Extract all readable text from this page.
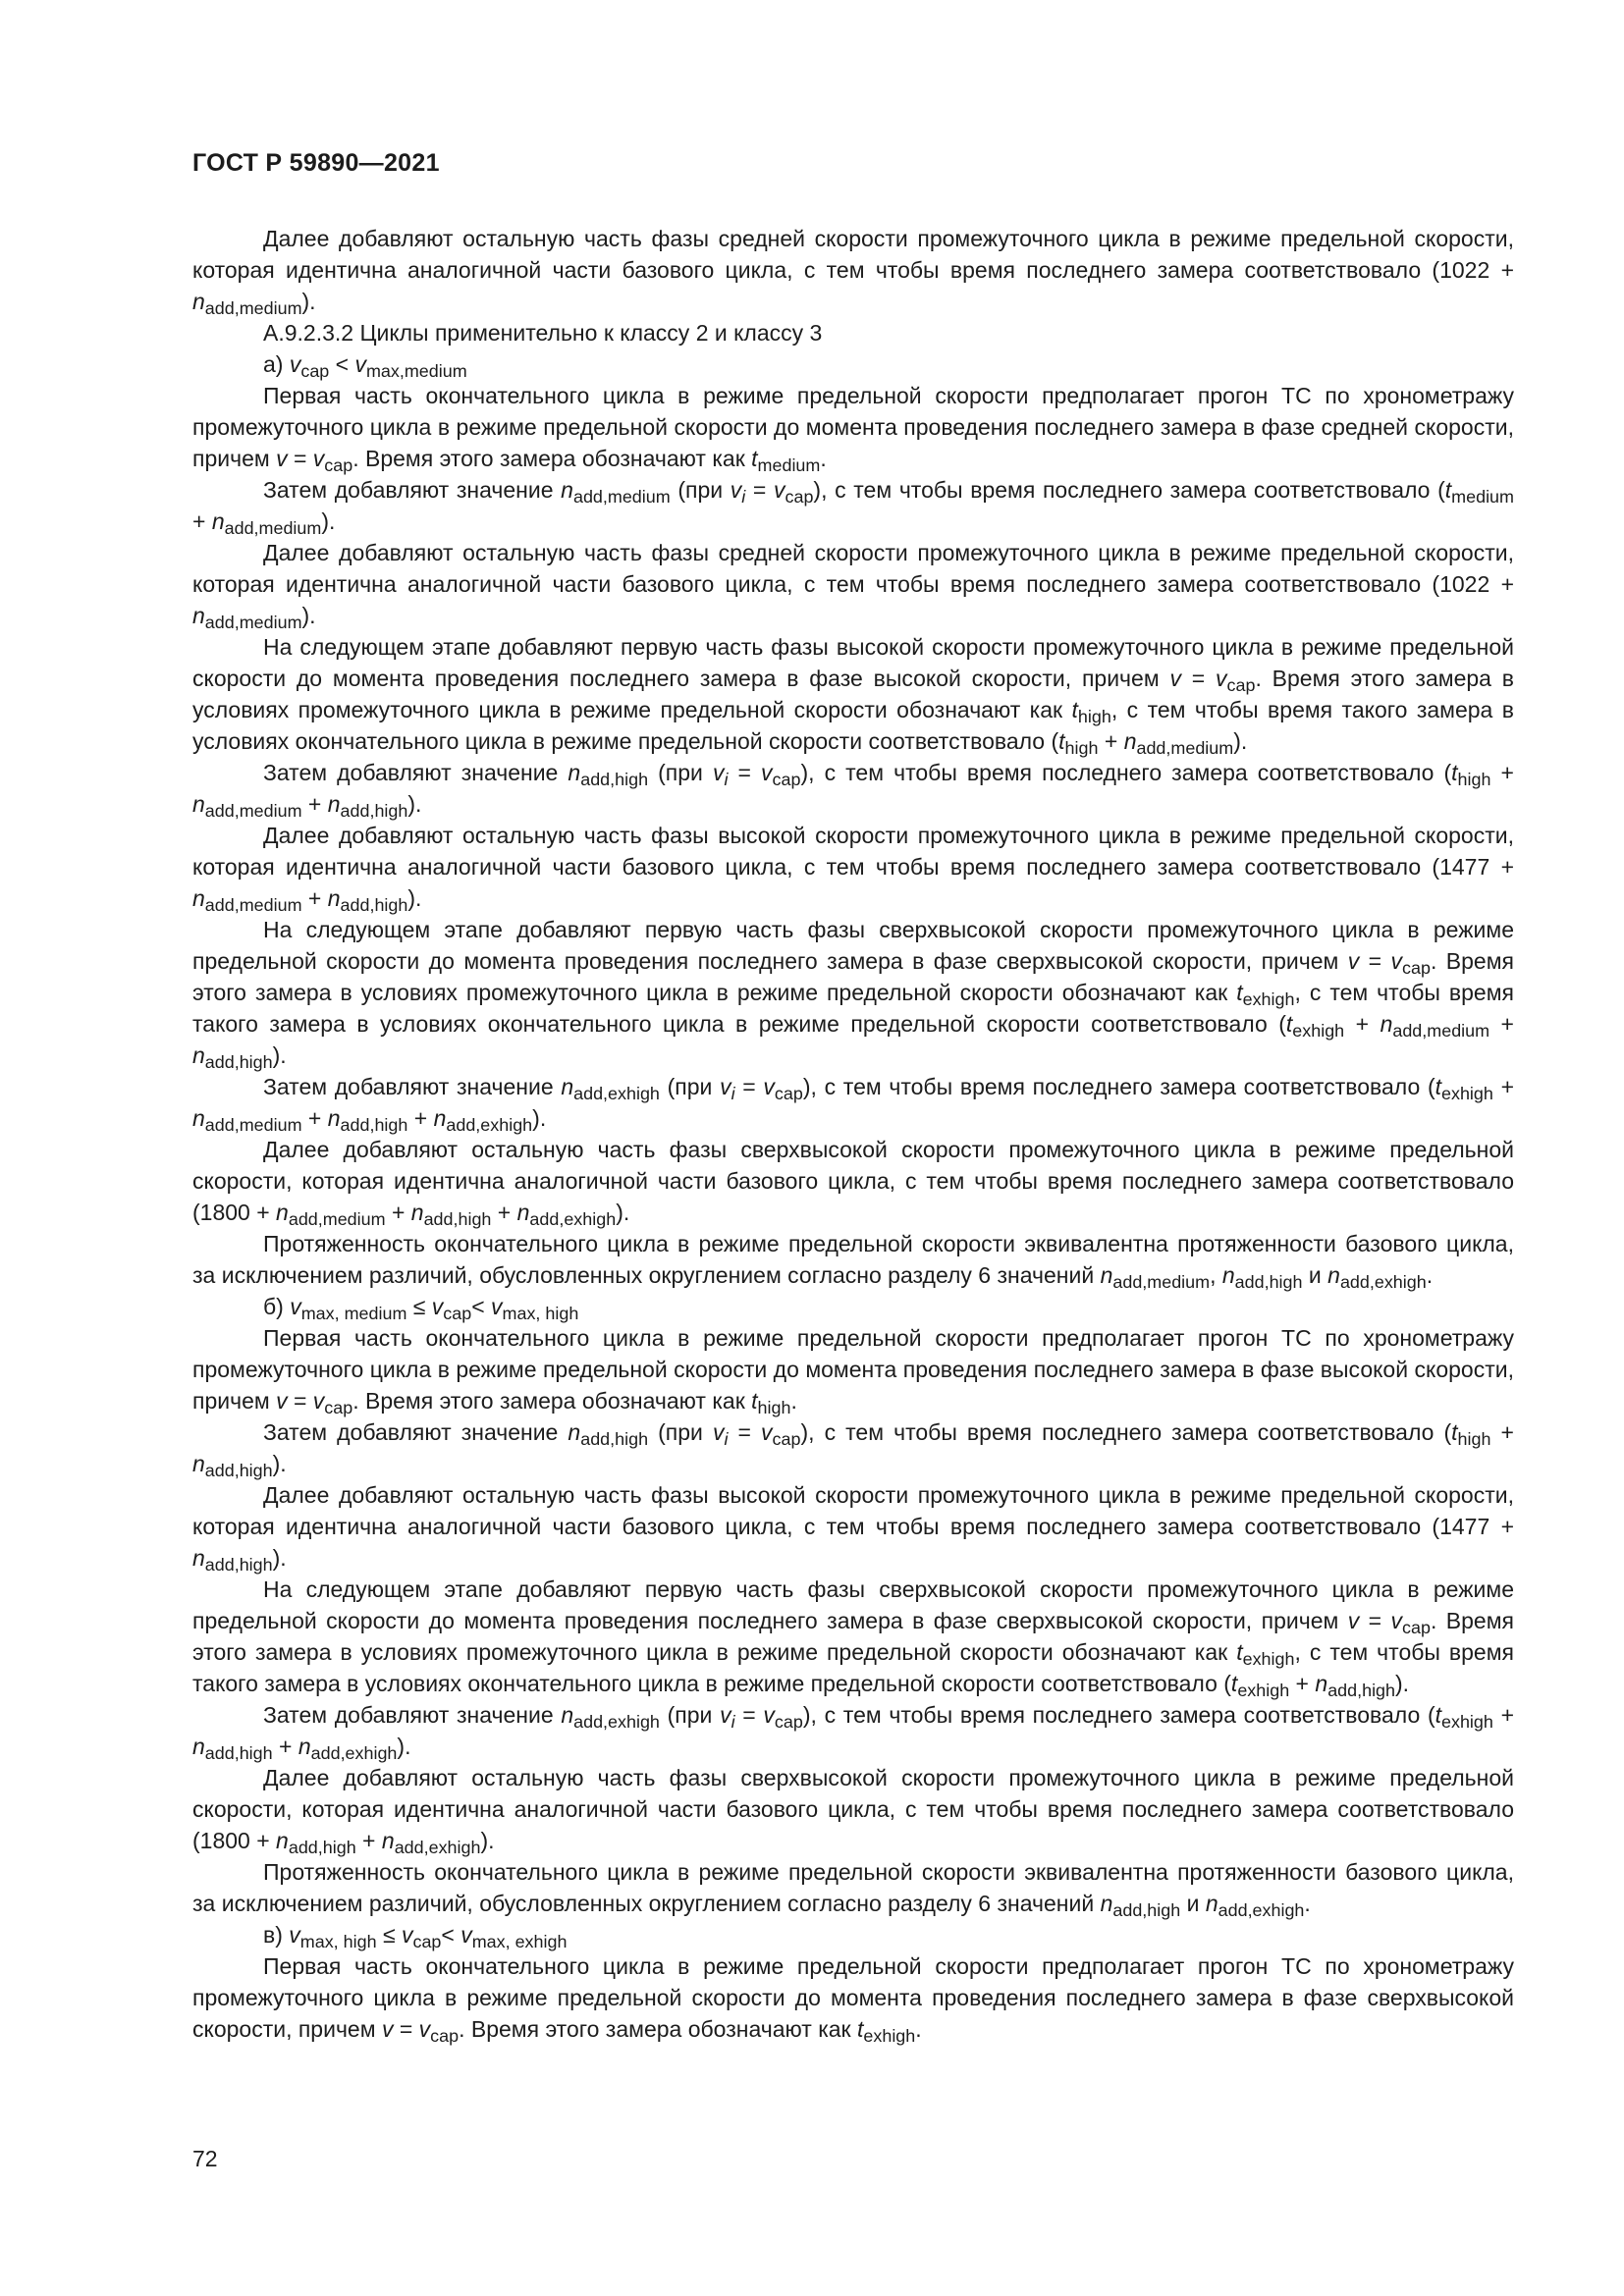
ГОСТ Р 59890—2021

Далее добавляют остальную часть фазы средней скорости промежуточного цикла в режиме предельной скорости, которая идентична аналогичной части базового цикла, с тем чтобы время последнего замера соответствовало $(1022 + n_{add,medium})$.

А.9.2.3.2 Циклы применительно к классу 2 и классу 3

а) $v_{cap} < v_{max,medium}$

Первая часть окончательного цикла в режиме предельной скорости предполагает прогон ТС по хронометражу промежуточного цикла в режиме предельной скорости до момента проведения последнего замера в фазе средней скорости, причем $v = v_{cap}$. Время этого замера обозначают как $t_{medium}$.

Затем добавляют значение $n_{add,medium}$ (при $v_i = v_{cap}$), с тем чтобы время последнего замера соответствовало $(t_{medium} + n_{add,medium})$.

Далее добавляют остальную часть фазы средней скорости промежуточного цикла в режиме предельной скорости, которая идентична аналогичной части базового цикла, с тем чтобы время последнего замера соответствовало $(1022 + n_{add,medium})$.

На следующем этапе добавляют первую часть фазы высокой скорости промежуточного цикла в режиме предельной скорости до момента проведения последнего замера в фазе высокой скорости, причем $v = v_{cap}$. Время этого замера в условиях промежуточного цикла в режиме предельной скорости обозначают как $t_{high}$, с тем чтобы время такого замера в условиях окончательного цикла в режиме предельной скорости соответствовало $(t_{high} + n_{add,medium})$.

Затем добавляют значение $n_{add,high}$ (при $v_i = v_{cap}$), с тем чтобы время последнего замера соответствовало $(t_{high} + n_{add,medium} + n_{add,high})$.

Далее добавляют остальную часть фазы высокой скорости промежуточного цикла в режиме предельной скорости, которая идентична аналогичной части базового цикла, с тем чтобы время последнего замера соответствовало $(1477 + n_{add,medium} + n_{add,high})$.

На следующем этапе добавляют первую часть фазы сверхвысокой скорости промежуточного цикла в режиме предельной скорости до момента проведения последнего замера в фазе сверхвысокой скорости, причем $v = v_{cap}$. Время этого замера в условиях промежуточного цикла в режиме предельной скорости обозначают как $t_{exhigh}$, с тем чтобы время такого замера в условиях окончательного цикла в режиме предельной скорости соответствовало $(t_{exhigh} + n_{add,medium} + n_{add,high})$.

Затем добавляют значение $n_{add,exhigh}$ (при $v_i = v_{cap}$), с тем чтобы время последнего замера соответствовало $(t_{exhigh} + n_{add,medium} + n_{add,high} + n_{add,exhigh})$.

Далее добавляют остальную часть фазы сверхвысокой скорости промежуточного цикла в режиме предельной скорости, которая идентична аналогичной части базового цикла, с тем чтобы время последнего замера соответствовало $(1800 + n_{add,medium} + n_{add,high} + n_{add,exhigh})$.

Протяженность окончательного цикла в режиме предельной скорости эквивалентна протяженности базового цикла, за исключением различий, обусловленных округлением согласно разделу 6 значений $n_{add,medium}$, $n_{add,high}$ и $n_{add,exhigh}$.

б) $v_{max, medium} \le v_{cap}< v_{max, high}$

Первая часть окончательного цикла в режиме предельной скорости предполагает прогон ТС по хронометражу промежуточного цикла в режиме предельной скорости до момента проведения последнего замера в фазе высокой скорости, причем $v = v_{cap}$. Время этого замера обозначают как $t_{high}$.

Затем добавляют значение $n_{add,high}$ (при $v_i = v_{cap}$), с тем чтобы время последнего замера соответствовало $(t_{high} + n_{add,high})$.

Далее добавляют остальную часть фазы высокой скорости промежуточного цикла в режиме предельной скорости, которая идентична аналогичной части базового цикла, с тем чтобы время последнего замера соответствовало $(1477 + n_{add,high})$.

На следующем этапе добавляют первую часть фазы сверхвысокой скорости промежуточного цикла в режиме предельной скорости до момента проведения последнего замера в фазе сверхвысокой скорости, причем $v = v_{cap}$. Время этого замера в условиях промежуточного цикла в режиме предельной скорости обозначают как $t_{exhigh}$, с тем чтобы время такого замера в условиях окончательного цикла в режиме предельной скорости соответствовало $(t_{exhigh} + n_{add,high})$.

Затем добавляют значение $n_{add,exhigh}$ (при $v_i = v_{cap}$), с тем чтобы время последнего замера соответствовало $(t_{exhigh} + n_{add,high} + n_{add,exhigh})$.

Далее добавляют остальную часть фазы сверхвысокой скорости промежуточного цикла в режиме предельной скорости, которая идентична аналогичной части базового цикла, с тем чтобы время последнего замера соответствовало $(1800 + n_{add,high} + n_{add,exhigh})$.

Протяженность окончательного цикла в режиме предельной скорости эквивалентна протяженности базового цикла, за исключением различий, обусловленных округлением согласно разделу 6 значений $n_{add,high}$ и $n_{add,exhigh}$.

в) $v_{max, high} \le v_{cap}< v_{max, exhigh}$

Первая часть окончательного цикла в режиме предельной скорости предполагает прогон ТС по хронометражу промежуточного цикла в режиме предельной скорости до момента проведения последнего замера в фазе сверхвысокой скорости, причем $v = v_{cap}$. Время этого замера обозначают как $t_{exhigh}$.

72
